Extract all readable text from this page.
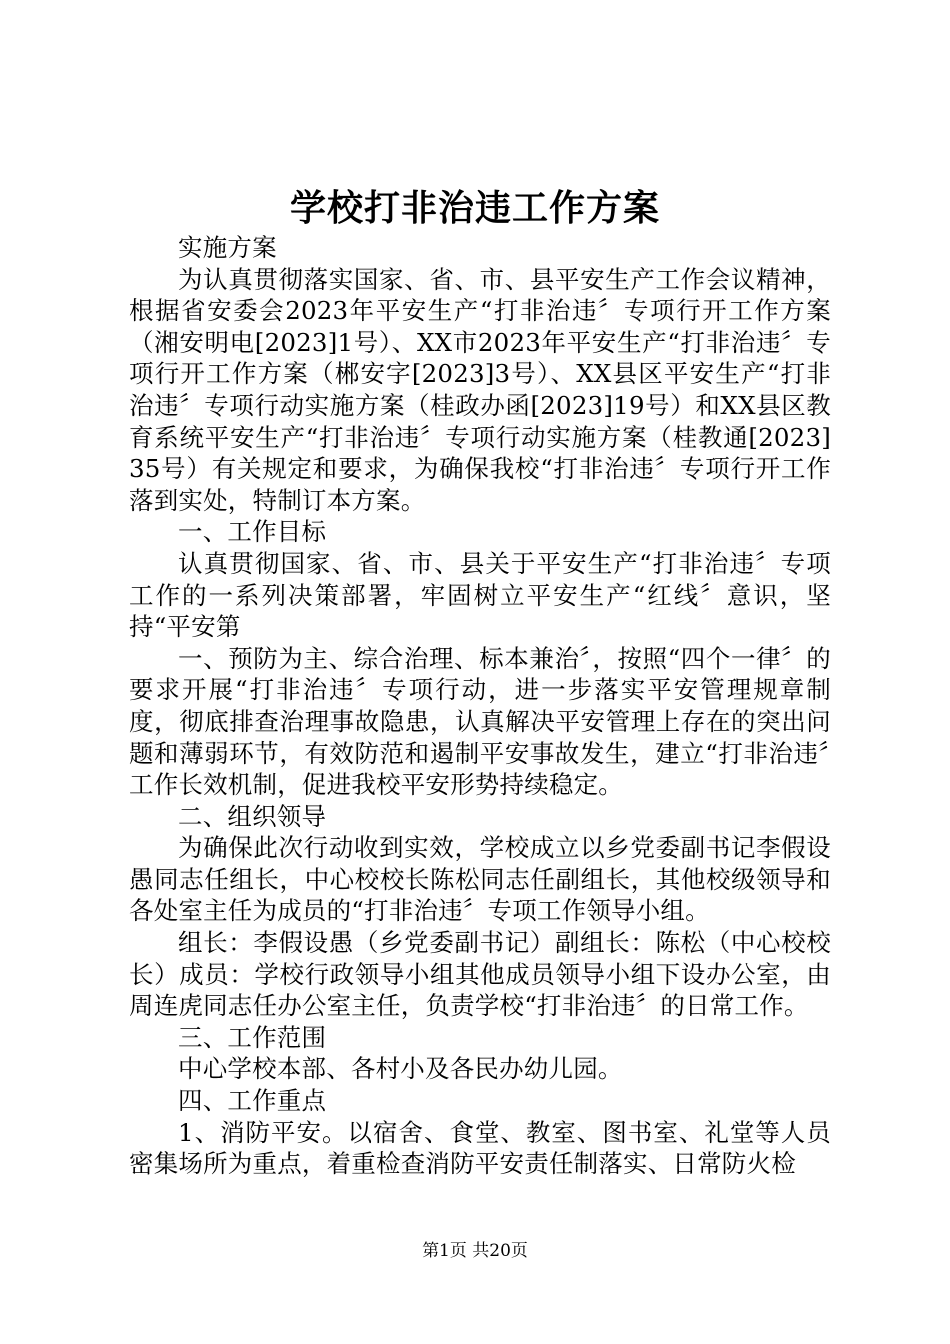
学校打非治违工作方案

实施方案

为认真贯彻落实国家、省、市、县平安生产工作会议精神，根据省安委会2023年平安生产“打非治违〞专项行开工作方案（湘安明电[2023]1号）、XX市2023年平安生产“打非治违〞专项行开工作方案（郴安字[2023]3号）、XX县区平安生产“打非治违〞专项行动实施方案（桂政办函[2023]19号）和XX县区教育系统平安生产“打非治违〞专项行动实施方案（桂教通[2023]35号）有关规定和要求，为确保我校“打非治违〞专项行开工作落到实处，特制订本方案。

一、工作目标

认真贯彻国家、省、市、县关于平安生产“打非治违〞专项工作的一系列决策部署，牢固树立平安生产“红线〞意识，坚持“平安第

一、预防为主、综合治理、标本兼治〞，按照“四个一律〞的要求开展“打非治违〞专项行动，进一步落实平安管理规章制度，彻底排查治理事故隐患，认真解决平安管理上存在的突出问题和薄弱环节，有效防范和遏制平安事故发生，建立“打非治违〞工作长效机制，促进我校平安形势持续稳定。

二、组织领导

为确保此次行动收到实效，学校成立以乡党委副书记李假设愚同志任组长，中心校校长陈松同志任副组长，其他校级领导和各处室主任为成员的“打非治违〞专项工作领导小组。

组长：李假设愚（乡党委副书记）副组长：陈松（中心校校长）成员：学校行政领导小组其他成员领导小组下设办公室，由周连虎同志任办公室主任，负责学校“打非治违〞的日常工作。

三、工作范围

中心学校本部、各村小及各民办幼儿园。

四、工作重点

1、消防平安。以宿舍、食堂、教室、图书室、礼堂等人员密集场所为重点，着重检查消防平安责任制落实、日常防火检

第1页 共20页
